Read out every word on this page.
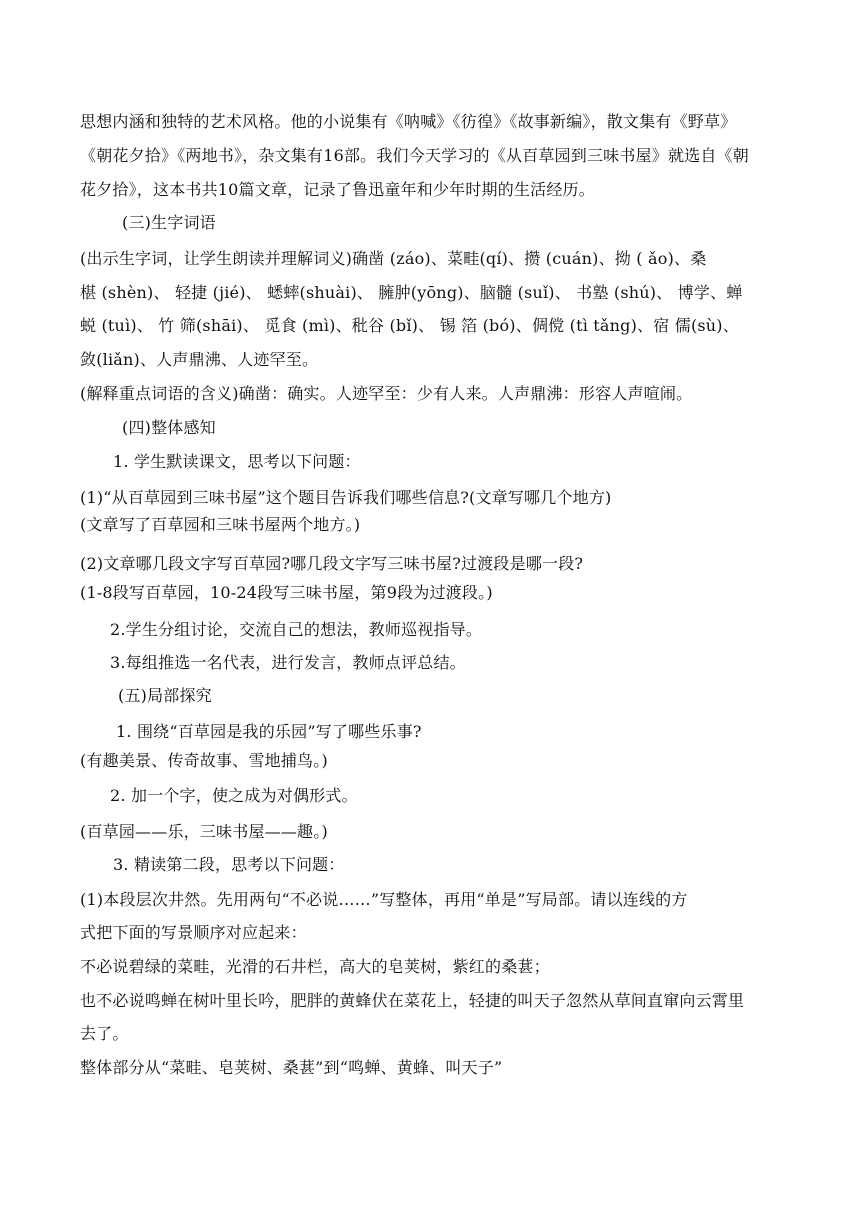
思想内涵和独特的艺术风格。他的小说集有《呐喊》《彷徨》《故事新编》，散文集有《野草》
《朝花夕拾》《两地书》，杂文集有16部。我们今天学习的《从百草园到三味书屋》就选自《朝
花夕拾》，这本书共10篇文章，记录了鲁迅童年和少年时期的生活经历。
(三)生字词语
(出示生字词，让学生朗读并理解词义)确凿 (záo)、菜畦(qí)、攒 (cuán)、拗 ( ǎo)、桑
椹 (shèn)、 轻捷 (jié)、 蟋蟀(shuài)、 臃肿(yōng)、脑髓 (suǐ)、 书塾 (shú)、 博学、蝉
蜕 (tuì)、 竹 筛(shāi)、 觅食 (mì)、秕谷 (bǐ)、 锡 箔 (bó)、倜傥 (tì tǎng)、宿 儒(sù)、
敛(liǎn)、人声鼎沸、人迹罕至。
(解释重点词语的含义)确凿：确实。人迹罕至：少有人来。人声鼎沸：形容人声喧闹。
(四)整体感知
1. 学生默读课文，思考以下问题：
(1)“从百草园到三味书屋”这个题目告诉我们哪些信息?(文章写哪几个地方)
(文章写了百草园和三味书屋两个地方。)
(2)文章哪几段文字写百草园?哪几段文字写三味书屋?过渡段是哪一段?
(1-8段写百草园，10-24段写三味书屋，第9段为过渡段。)
2.学生分组讨论，交流自己的想法，教师巡视指导。
3.每组推选一名代表，进行发言，教师点评总结。
(五)局部探究
1. 围绕“百草园是我的乐园”写了哪些乐事?
(有趣美景、传奇故事、雪地捕鸟。)
2. 加一个字，使之成为对偶形式。
(百草园——乐，三味书屋——趣。)
3. 精读第二段，思考以下问题：
(1)本段层次井然。先用两句“不必说……”写整体，再用“单是”写局部。请以连线的方
式把下面的写景顺序对应起来：
不必说碧绿的菜畦，光滑的石井栏，高大的皂荚树，紫红的桑葚；
也不必说鸣蝉在树叶里长吟，肥胖的黄蜂伏在菜花上，轻捷的叫天子忽然从草间直窜向云霄里
去了。
整体部分从“菜畦、皂荚树、桑葚”到“鸣蝉、黄蜂、叫天子”
